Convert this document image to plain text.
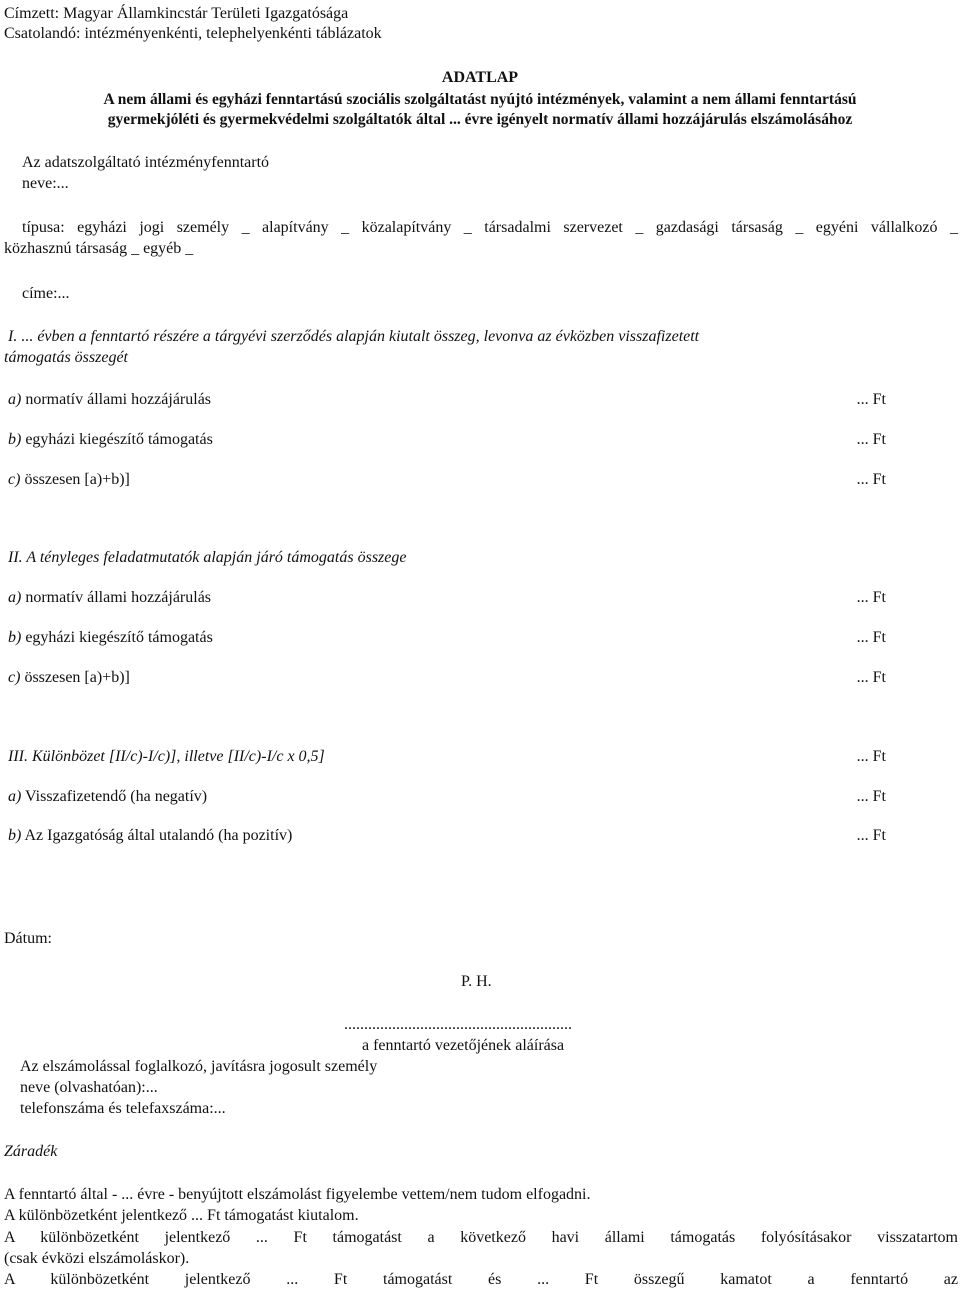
Címzett: Magyar Államkincstár Területi Igazgatósága
Csatolandó: intézményenkénti, telephelyenkénti táblázatok
ADATLAP
A nem állami és egyházi fenntartású szociális szolgáltatást nyújtó intézmények, valamint a nem állami fenntartású
gyermekjóléti és gyermekvédelmi szolgáltatók által ... évre igényelt normatív állami hozzájárulás elszámolásához
Az adatszolgáltató intézményfenntartó
neve:...
típusa: egyházi jogi személy _ alapítvány _ közalapítvány _ társadalmi szervezet _ gazdasági társaság _ egyéni vállalkozó _
közhasznú társaság _ egyéb _
címe:...
I. ... évben a fenntartó részére a tárgyévi szerződés alapján kiutalt összeg, levonva az évközben visszafizetett
támogatás összegét
a) normatív állami hozzájárulás	... Ft
b) egyházi kiegészítő támogatás	... Ft
c) összesen [a)+b)]	... Ft
II. A tényleges feladatmutatók alapján járó támogatás összege
a) normatív állami hozzájárulás	... Ft
b) egyházi kiegészítő támogatás	... Ft
c) összesen [a)+b)]	... Ft
III. Különbözet [II/c)-I/c)], illetve [II/c)-I/c x 0,5]	... Ft
a) Visszafizetendő (ha negatív)	... Ft
b) Az Igazgatóság által utalandó (ha pozitív)	... Ft
Dátum:
P. H.
.........................................................
a fenntartó vezetőjének aláírása
Az elszámolással foglalkozó, javításra jogosult személy
neve (olvashatóan):...
telefonszáma és telefaxszáma:...
Záradék
A fenntartó által - ... évre - benyújtott elszámolást figyelembe vettem/nem tudom elfogadni.
A különbözetként jelentkező ... Ft támogatást kiutalom.
A különbözetként jelentkező ... Ft támogatást a következő havi állami támogatás folyósításakor visszatartom
(csak évközi elszámoláskor).
A különbözetként jelentkező ... Ft támogatást és ... Ft összegű kamatot a fenntartó az
